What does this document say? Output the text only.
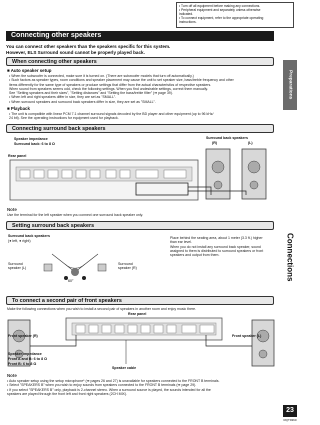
• Turn off all equipment before making any connections.
• Peripheral equipment and separately unless otherwise
indicated.
• To connect equipment, refer to the appropriate operating
instructions.
Connecting other speakers
You can connect other speakers than the speakers specific for this system.
However, ELS Surround sound cannot be properly played back.
When connecting other speakers
■ Auto speaker setup
• When the subwoofer is connected, make sure it is turned on. (There are subwoofer models that turn off automatically.)
• Such factors as speaker types, room conditions and speaker placement may cause the unit to set speaker size, bass/treble frequency and other
items differently for the same type of speakers or produce settings that differ from the actual characteristics of respective speakers.
When sound from speakers seems odd, check the following settings. When you find undesirable settings, correct them manually.
See "Setting speakers and their sizes", "Setting distances" and "Setting the bass/treble filter" (➡ page 39).
• When left and right speakers differ in size, they are set as "SMALL".
• When surround speakers and surround back speakers differ in size, they are set as "SMALL".
■ Playback
• The unit is compatible with linear PCM 7.1 channel surround signals decoded by the BD player and other equipment (up to 96 kHz/
24 bit). See the operating instructions for equipment used for playback.
Connecting surround back speakers
Speaker impedance
Surround back: 6 to 8 Ω
Rear panel
Surround back speakers
(R)	(L)
Note
Use the terminal for the left speaker when you connect one surround back speaker only.
Setting surround back speakers
Surround back speakers
(● left, ● right)
Surround
speaker (L)
Surround
speaker (R)
60°
Place behind the seating area, about 1 meter (3.3 ft.) higher
than ear level.
When you do not install any surround back speaker, sound
assigned to them is distributed to surround speakers or front
speakers and output from them.
To connect a second pair of front speakers
Make the following connections when you wish to install a second pair of speakers in another room and enjoy music there.
Rear panel
Front speaker (R)	Front speaker (L)
Speaker impedance
Front A and B: 6 to 8 Ω
Front B: 6 to 8 Ω
Speaker cable
Note
• Auto speaker setup using the setup microphone* (➡ pages 26 and 27) is unavailable for speakers connected to the FRONT B terminals.
• Select "SPEAKERS B" when you wish to enjoy sounds from speakers connected to the FRONT B terminals (➡ page 29).
• If you select "SPEAKERS B" only, playback is 2-channel stereo. When a surround source is played, the sounds intended for all the
speakers are played through the front left and front right speakers (2CH MIX).
Preparations
Connections
23
RQT9360
